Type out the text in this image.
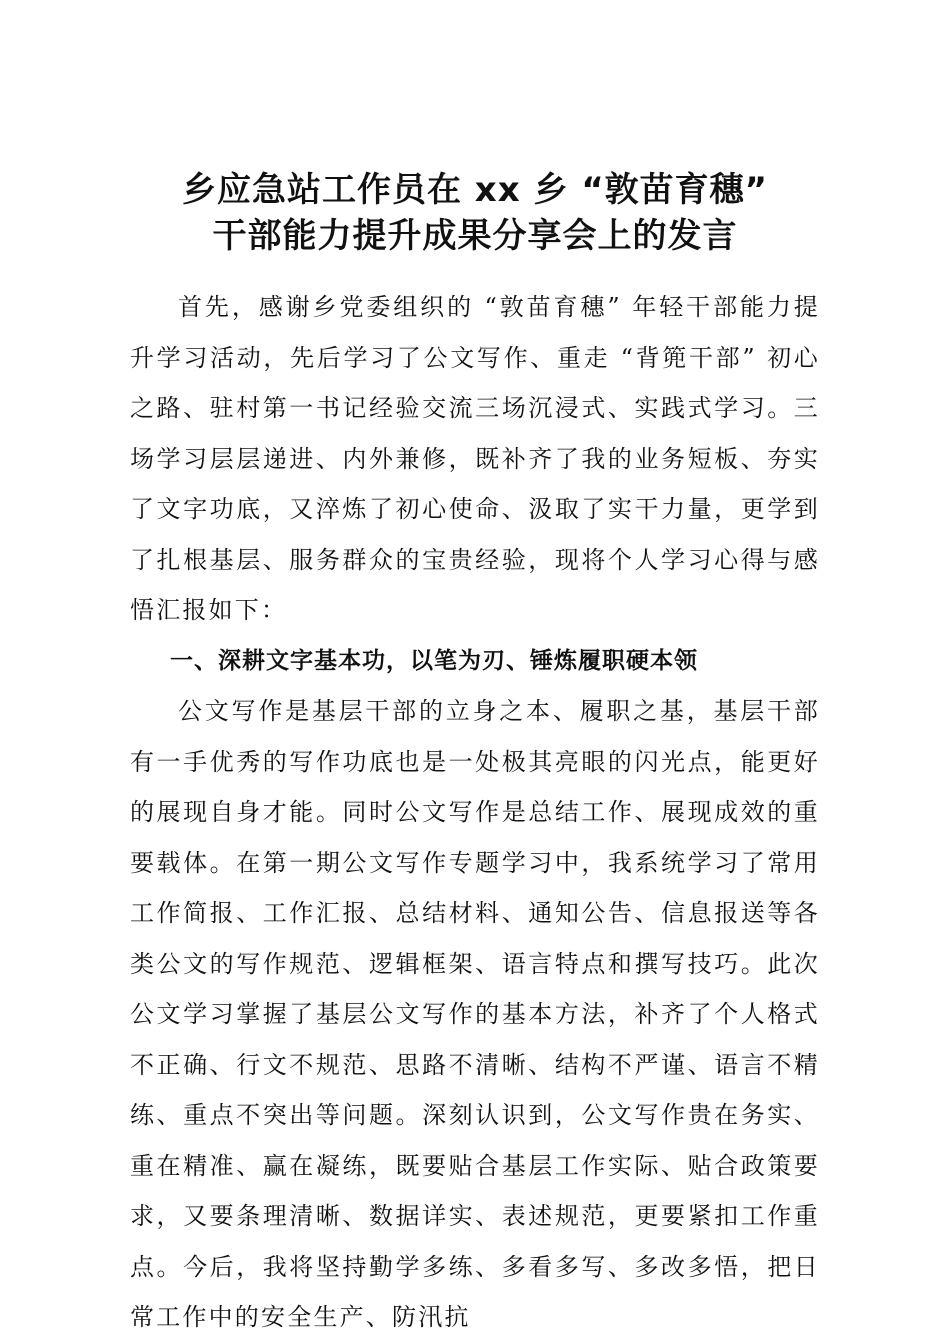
乡应急站工作员在 xx 乡 “敦苗育穗”
干部能力提升成果分享会上的发言

首先，感谢乡党委组织的 “敦苗育穗” 年轻干部能力提升学习活动，先后学习了公文写作、重走 “背篼干部” 初心之路、驻村第一书记经验交流三场沉浸式、实践式学习。三场学习层层递进、内外兼修，既补齐了我的业务短板、夯实了文字功底，又淬炼了初心使命、汲取了实干力量，更学到了扎根基层、服务群众的宝贵经验，现将个人学习心得与感悟汇报如下：

一、深耕文字基本功，以笔为刃、锤炼履职硬本领

公文写作是基层干部的立身之本、履职之基，基层干部有一手优秀的写作功底也是一处极其亮眼的闪光点，能更好的展现自身才能。同时公文写作是总结工作、展现成效的重要载体。在第一期公文写作专题学习中，我系统学习了常用工作简报、工作汇报、总结材料、通知公告、信息报送等各类公文的写作规范、逻辑框架、语言特点和撰写技巧。此次公文学习掌握了基层公文写作的基本方法，补齐了个人格式不正确、行文不规范、思路不清晰、结构不严谨、语言不精练、重点不突出等问题。深刻认识到，公文写作贵在务实、重在精准、赢在凝练，既要贴合基层工作实际、贴合政策要求，又要条理清晰、数据详实、表述规范，更要紧扣工作重点。今后，我将坚持勤学多练、多看多写、多改多悟，把日常工作中的安全生产、防汛抗
